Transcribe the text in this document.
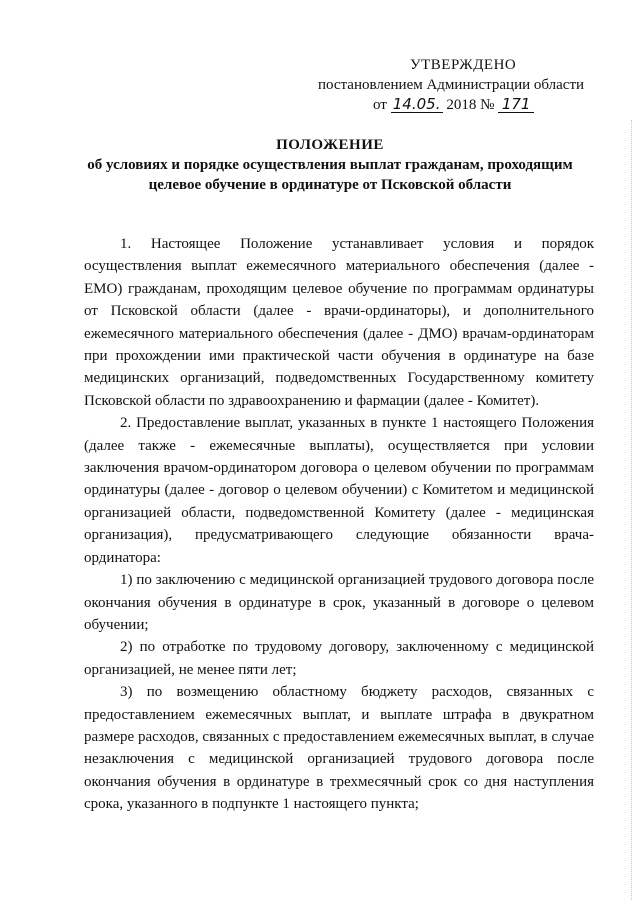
УТВЕРЖДЕНО
постановлением Администрации области
от 14.05. 2018 № 171
ПОЛОЖЕНИЕ
об условиях и порядке осуществления выплат гражданам, проходящим целевое обучение в ординатуре от Псковской области

1. Настоящее Положение устанавливает условия и порядок осуществления выплат ежемесячного материального обеспечения (далее - ЕМО) гражданам, проходящим целевое обучение по программам ординатуры от Псковской области (далее - врачи-ординаторы), и дополнительного ежемесячного материального обеспечения (далее - ДМО) врачам-ординаторам при прохождении ими практической части обучения в ординатуре на базе медицинских организаций, подведомственных Государственному комитету Псковской области по здравоохранению и фармации (далее - Комитет).

2. Предоставление выплат, указанных в пункте 1 настоящего Положения (далее также - ежемесячные выплаты), осуществляется при условии заключения врачом-ординатором договора о целевом обучении по программам ординатуры (далее - договор о целевом обучении) с Комитетом и медицинской организацией области, подведомственной Комитету (далее - медицинская организация), предусматривающего следующие обязанности врача-ординатора:

1) по заключению с медицинской организацией трудового договора после окончания обучения в ординатуре в срок, указанный в договоре о целевом обучении;

2) по отработке по трудовому договору, заключенному с медицинской организацией, не менее пяти лет;

3) по возмещению областному бюджету расходов, связанных с предоставлением ежемесячных выплат, и выплате штрафа в двукратном размере расходов, связанных с предоставлением ежемесячных выплат, в случае незаключения с медицинской организацией трудового договора после окончания обучения в ординатуре в трехмесячный срок со дня наступления срока, указанного в подпункте 1 настоящего пункта;
